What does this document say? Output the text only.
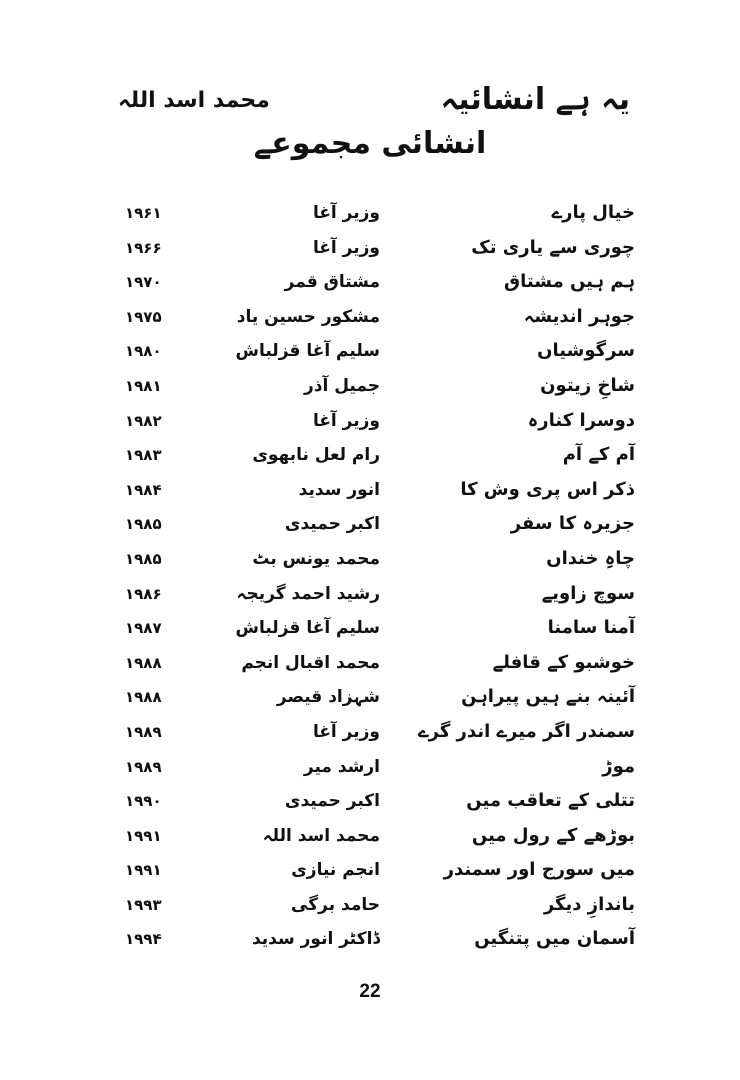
یہ ہے انشائیہ
محمد اسد اللہ
انشائی مجموعے
خیال پارے
وزیر آغا
۱۹۶۱
چوری سے یاری تک
وزیر آغا
۱۹۶۶
ہم ہیں مشتاق
مشتاق قمر
۱۹۷۰
جوہر اندیشہ
مشکور حسین یاد
۱۹۷۵
سرگوشیاں
سلیم آغا قزلباش
۱۹۸۰
شاخِ زیتون
جمیل آذر
۱۹۸۱
دوسرا کنارہ
وزیر آغا
۱۹۸۲
آم کے آم
رام لعل نابھوی
۱۹۸۳
ذکر اس پری وش کا
انور سدید
۱۹۸۴
جزیرہ کا سفر
اکبر حمیدی
۱۹۸۵
چاہِ خنداں
محمد یونس بٹ
۱۹۸۵
سوچ زاویے
رشید احمد گریجہ
۱۹۸۶
آمنا سامنا
سلیم آغا قزلباش
۱۹۸۷
خوشبو کے قافلے
محمد اقبال انجم
۱۹۸۸
آئینہ بنے ہیں پیراہن
شہزاد قیصر
۱۹۸۸
سمندر اگر میرے اندر گرے
وزیر آغا
۱۹۸۹
موڑ
ارشد میر
۱۹۸۹
تتلی کے تعاقب میں
اکبر حمیدی
۱۹۹۰
بوڑھے کے رول میں
محمد اسد اللہ
۱۹۹۱
میں سورج اور سمندر
انجم نیازی
۱۹۹۱
باندازِ دیگر
حامد برگی
۱۹۹۳
آسمان میں پتنگیں
ڈاکٹر انور سدید
۱۹۹۴
22
